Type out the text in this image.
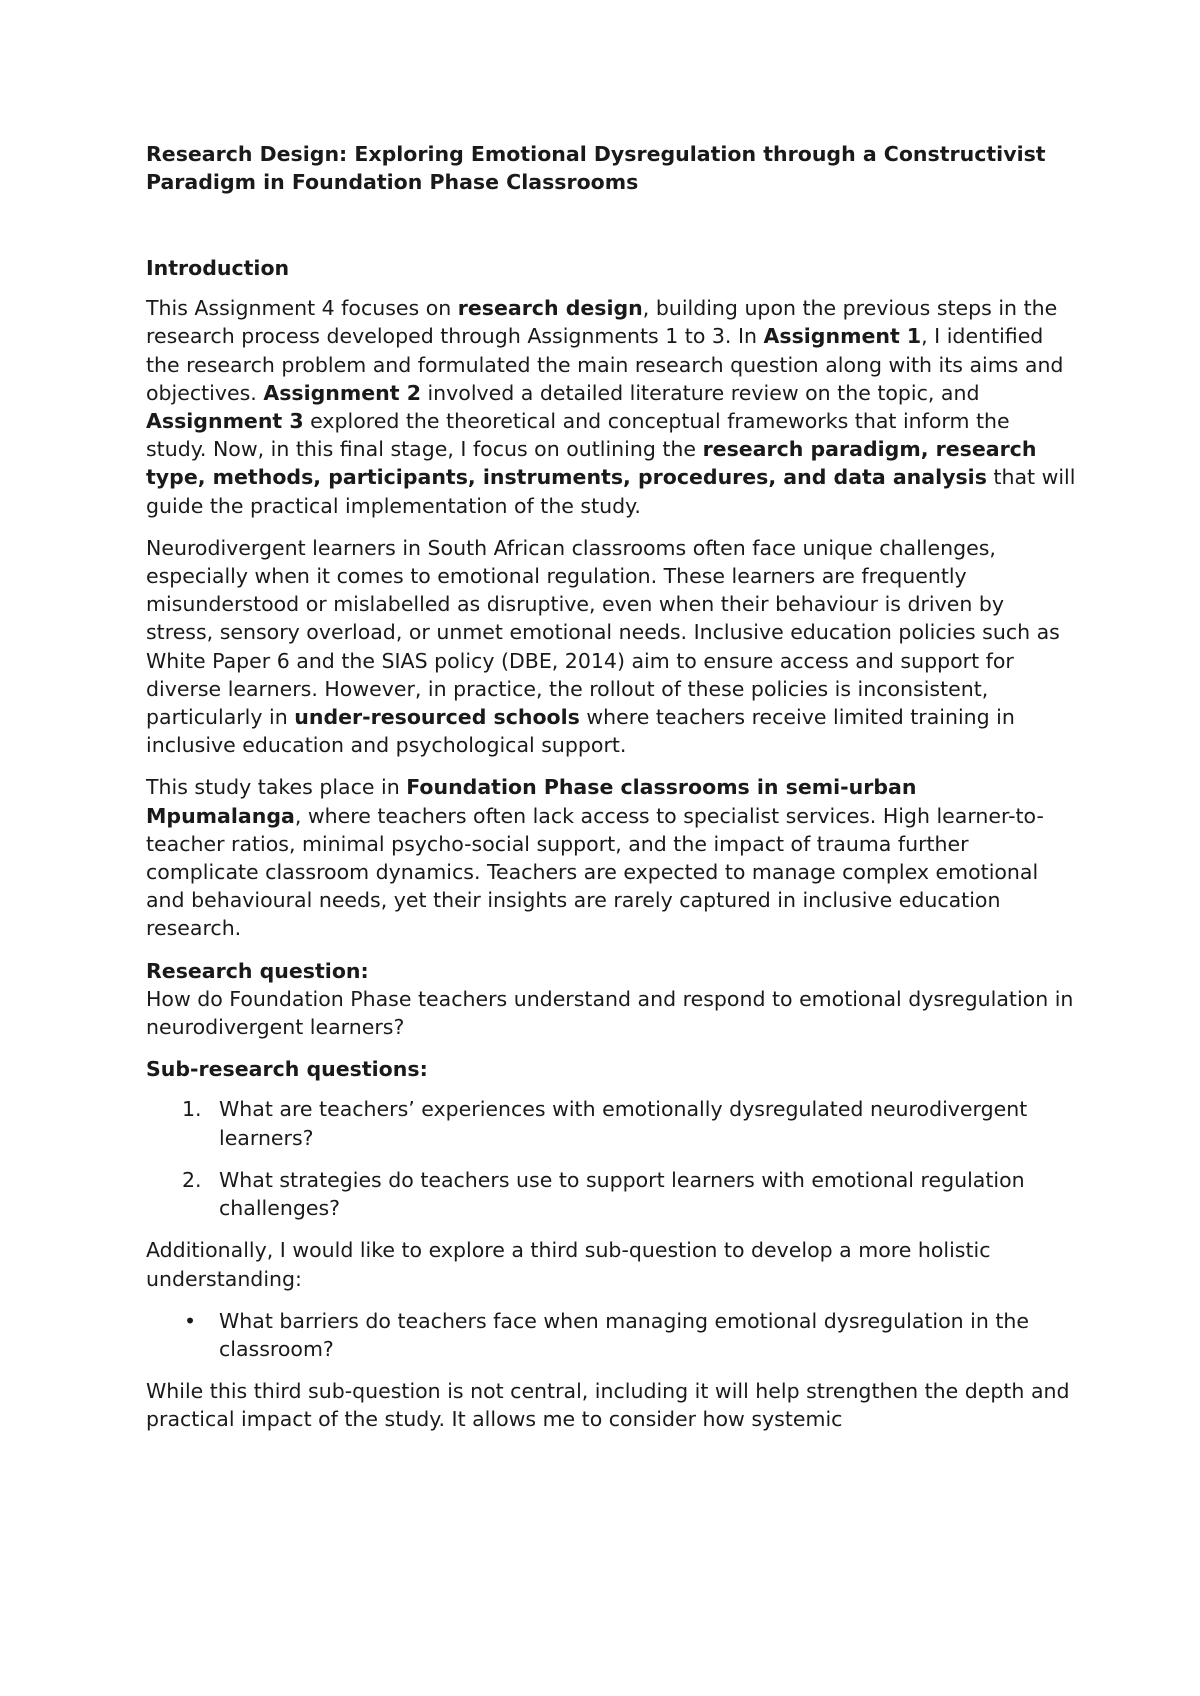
Research Design: Exploring Emotional Dysregulation through a Constructivist Paradigm in Foundation Phase Classrooms

Introduction

This Assignment 4 focuses on research design, building upon the previous steps in the research process developed through Assignments 1 to 3. In Assignment 1, I identified the research problem and formulated the main research question along with its aims and objectives. Assignment 2 involved a detailed literature review on the topic, and Assignment 3 explored the theoretical and conceptual frameworks that inform the study. Now, in this final stage, I focus on outlining the research paradigm, research type, methods, participants, instruments, procedures, and data analysis that will guide the practical implementation of the study.

Neurodivergent learners in South African classrooms often face unique challenges, especially when it comes to emotional regulation. These learners are frequently misunderstood or mislabelled as disruptive, even when their behaviour is driven by stress, sensory overload, or unmet emotional needs. Inclusive education policies such as White Paper 6 and the SIAS policy (DBE, 2014) aim to ensure access and support for diverse learners. However, in practice, the rollout of these policies is inconsistent, particularly in under-resourced schools where teachers receive limited training in inclusive education and psychological support.

This study takes place in Foundation Phase classrooms in semi-urban Mpumalanga, where teachers often lack access to specialist services. High learner-to-teacher ratios, minimal psycho-social support, and the impact of trauma further complicate classroom dynamics. Teachers are expected to manage complex emotional and behavioural needs, yet their insights are rarely captured in inclusive education research.

Research question:
How do Foundation Phase teachers understand and respond to emotional dysregulation in neurodivergent learners?

Sub-research questions:

1. What are teachers’ experiences with emotionally dysregulated neurodivergent learners?
2. What strategies do teachers use to support learners with emotional regulation challenges?

Additionally, I would like to explore a third sub-question to develop a more holistic understanding:

• What barriers do teachers face when managing emotional dysregulation in the classroom?

While this third sub-question is not central, including it will help strengthen the depth and practical impact of the study. It allows me to consider how systemic
